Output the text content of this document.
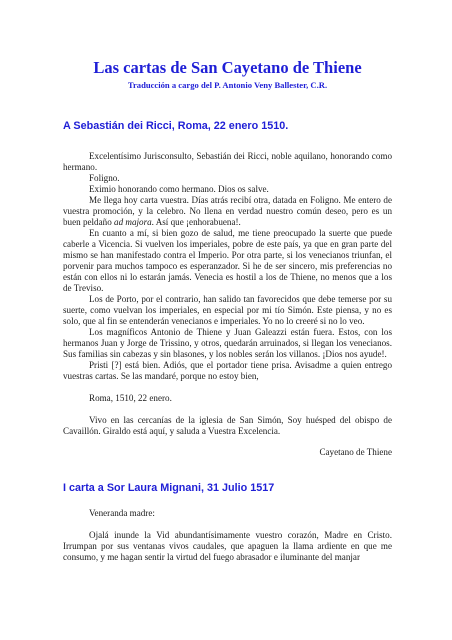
Las cartas de San Cayetano de Thiene
Traducción a cargo del P. Antonio Veny Ballester, C.R.
A Sebastián dei Ricci, Roma, 22 enero 1510.

Excelentísimo Jurisconsulto, Sebastián dei Ricci, noble aquilano, honorando como hermano.

Foligno.

Eximio honorando como hermano. Dios os salve.

Me llega hoy carta vuestra. Días atrás recibí otra, datada en Foligno. Me entero de vuestra promoción, y la celebro. No llena en verdad nuestro común deseo, pero es un buen peldaño ad majora. Así que ¡enhorabuena!.

En cuanto a mí, si bien gozo de salud, me tiene preocupado la suerte que puede caberle a Vicencia. Si vuelven los imperiales, pobre de este país, ya que en gran parte del mismo se han manifestado contra el Imperio. Por otra parte, si los venecianos triunfan, el porvenir para muchos tampoco es esperanzador. Si he de ser sincero, mis preferencias no están con ellos ni lo estarán jamás. Venecia es hostil a los de Thiene, no menos que a los de Treviso.

Los de Porto, por el contrario, han salido tan favorecidos que debe temerse por su suerte, como vuelvan los imperiales, en especial por mi tío Simón. Este piensa, y no es solo, que al fin se entenderán venecianos e imperiales. Yo no lo creeré si no lo veo.

Los magníficos Antonio de Thiene y Juan Galeazzi están fuera. Estos, con los hermanos Juan y Jorge de Trissino, y otros, quedarán arruinados, si llegan los venecianos. Sus familias sin cabezas y sin blasones, y los nobles serán los villanos. ¡Dios nos ayude!.

Pristi [?] está bien. Adiós, que el portador tiene prisa. Avisadme a quien entrego vuestras cartas. Se las mandaré, porque no estoy bien,

Roma, 1510, 22 enero.

Vivo en las cercanías de la iglesia de San Simón, Soy huésped del obispo de Cavaillón. Giraldo está aquí, y saluda a Vuestra Excelencia.

Cayetano de Thiene

I carta a Sor Laura Mignani, 31 Julio 1517

Veneranda madre:

Ojalá inunde la Vid abundantísimamente vuestro corazón, Madre en Cristo. Irrumpan por sus ventanas vivos caudales, que apaguen la llama ardiente en que me consumo, y me hagan sentir la virtud del fuego abrasador e iluminante del manjar
